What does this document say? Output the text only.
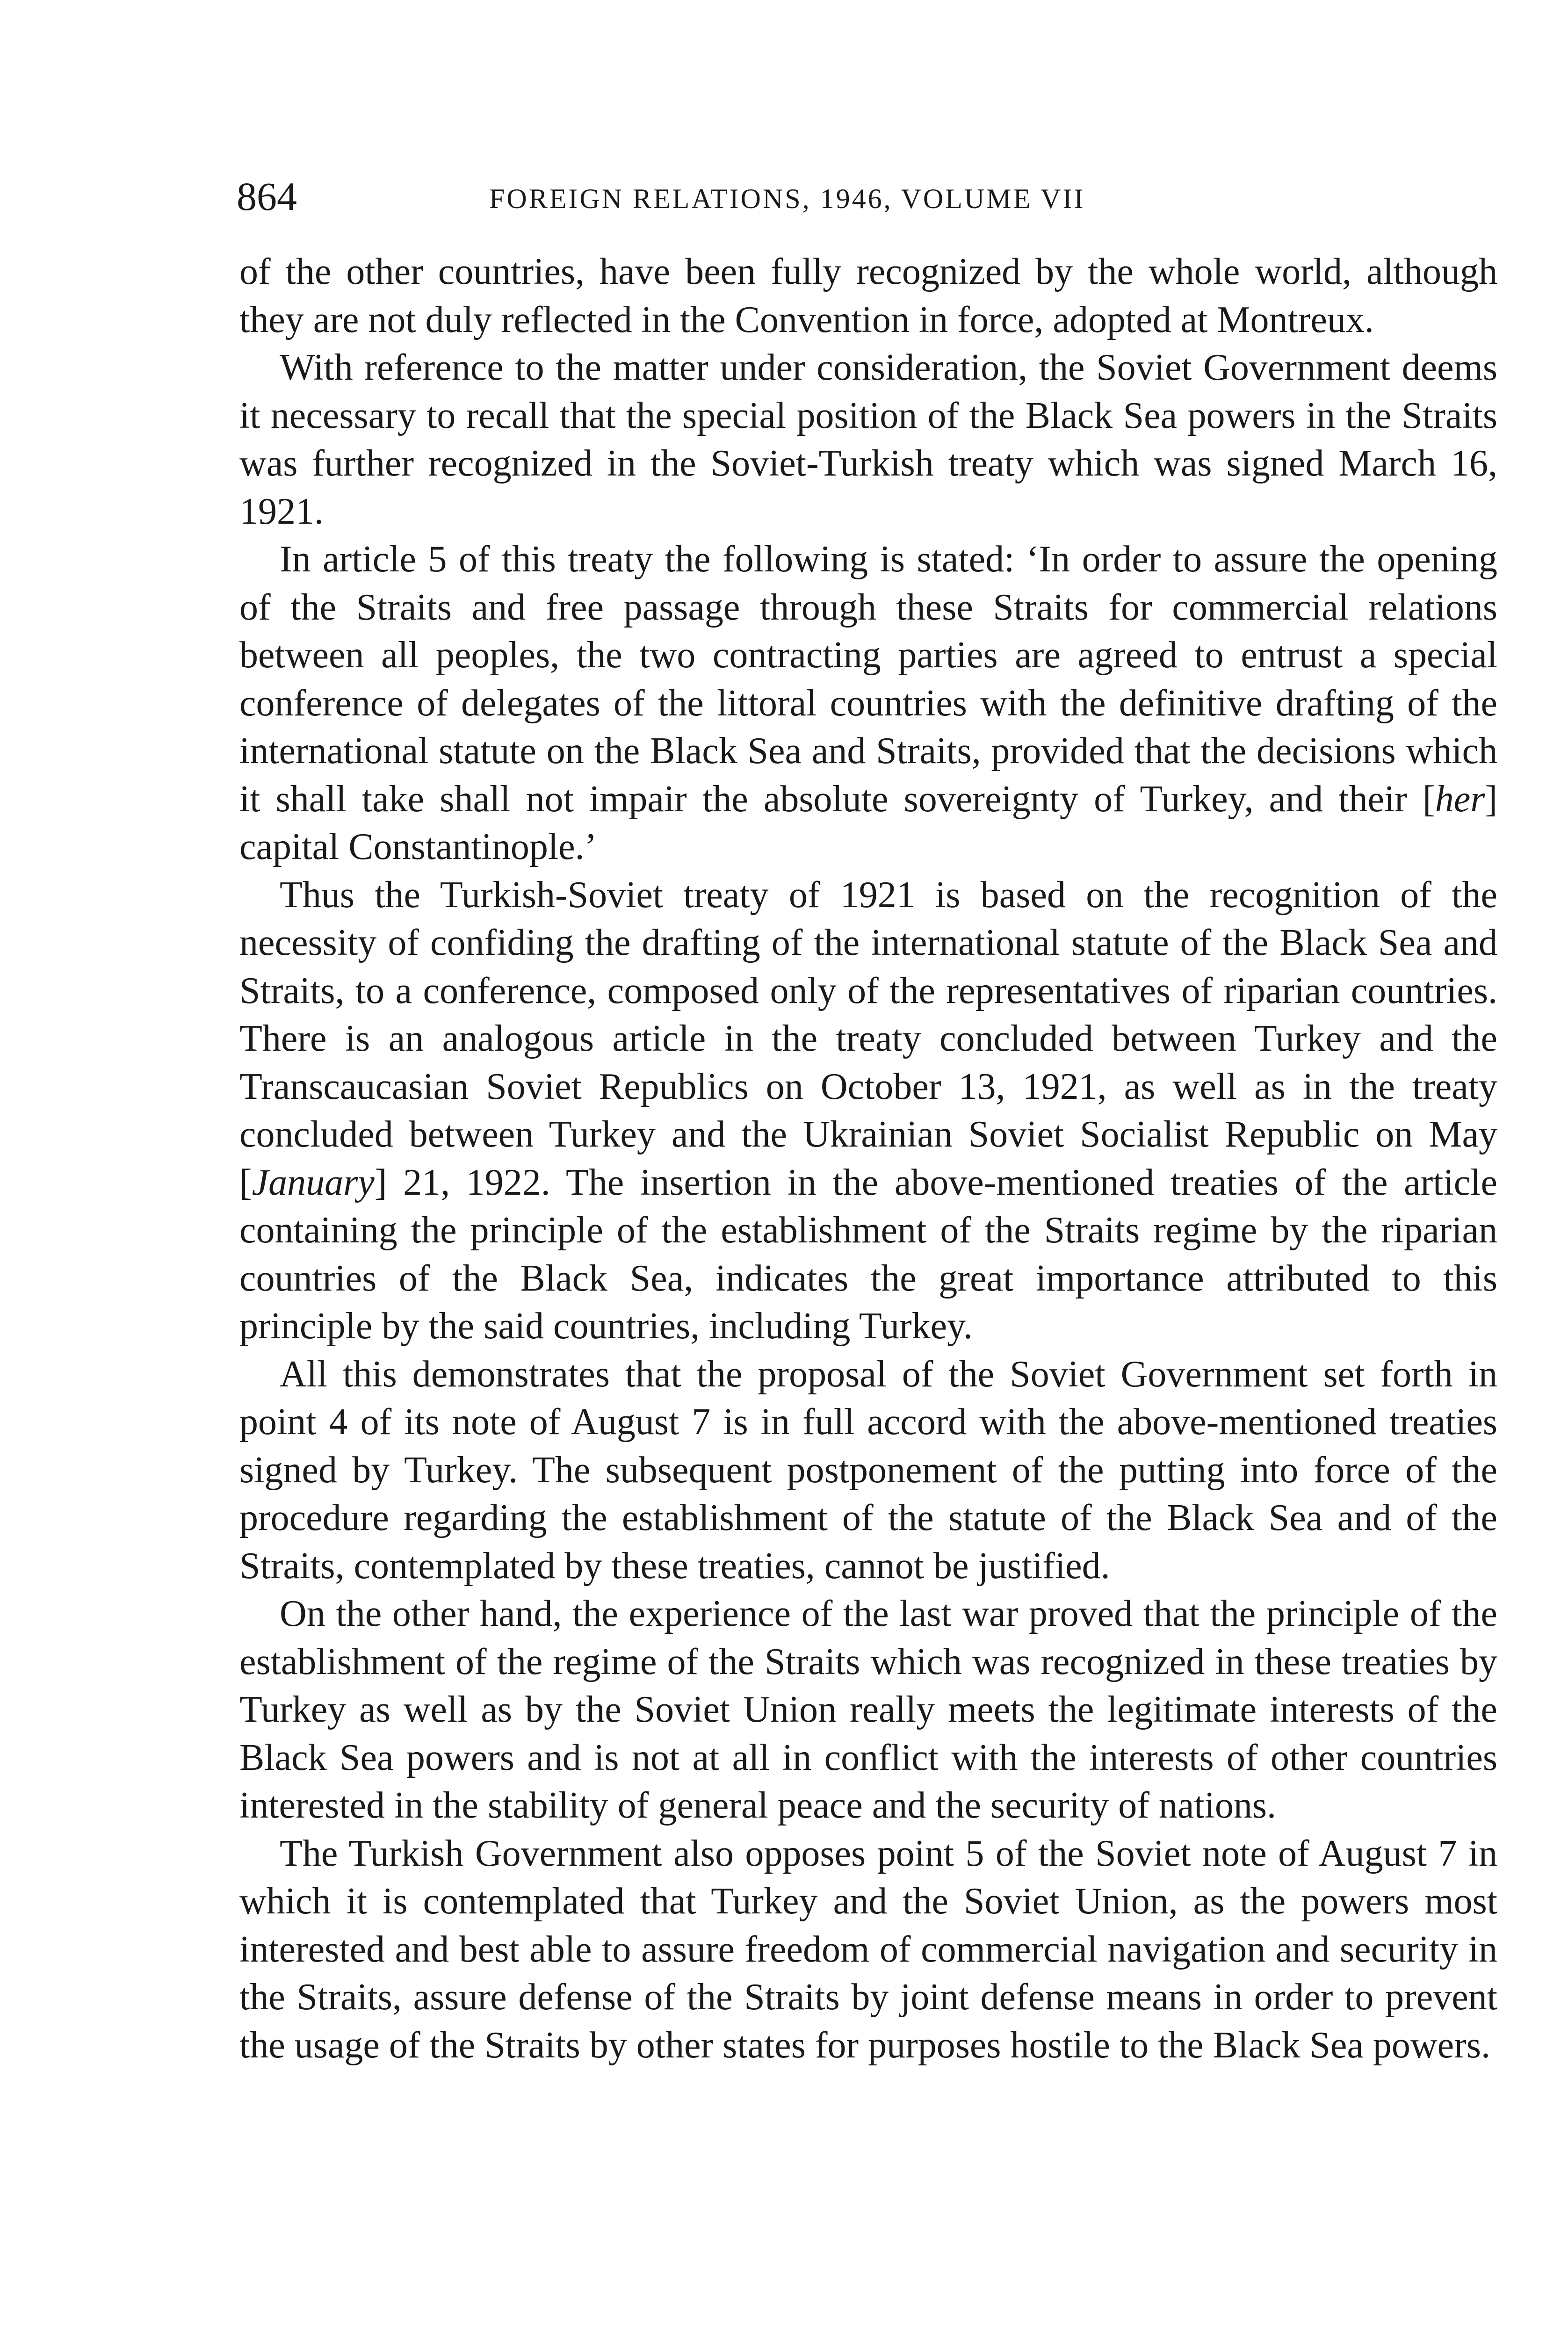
864	FOREIGN RELATIONS, 1946, VOLUME VII

of the other countries, have been fully recognized by the whole world, although they are not duly reflected in the Convention in force, adopted at Montreux.

With reference to the matter under consideration, the Soviet Government deems it necessary to recall that the special position of the Black Sea powers in the Straits was further recognized in the Soviet-Turkish treaty which was signed March 16, 1921.

In article 5 of this treaty the following is stated: ‘In order to assure the opening of the Straits and free passage through these Straits for commercial relations between all peoples, the two contracting parties are agreed to entrust a special conference of delegates of the littoral countries with the definitive drafting of the international statute on the Black Sea and Straits, provided that the decisions which it shall take shall not impair the absolute sovereignty of Turkey, and their [her] capital Constantinople.’

Thus the Turkish-Soviet treaty of 1921 is based on the recognition of the necessity of confiding the drafting of the international statute of the Black Sea and Straits, to a conference, composed only of the representatives of riparian countries. There is an analogous article in the treaty concluded between Turkey and the Transcaucasian Soviet Republics on October 13, 1921, as well as in the treaty concluded between Turkey and the Ukrainian Soviet Socialist Republic on May [January] 21, 1922. The insertion in the above-mentioned treaties of the article containing the principle of the establishment of the Straits regime by the riparian countries of the Black Sea, indicates the great importance attributed to this principle by the said countries, including Turkey.

All this demonstrates that the proposal of the Soviet Government set forth in point 4 of its note of August 7 is in full accord with the above-mentioned treaties signed by Turkey. The subsequent postponement of the putting into force of the procedure regarding the establishment of the statute of the Black Sea and of the Straits, contemplated by these treaties, cannot be justified.

On the other hand, the experience of the last war proved that the principle of the establishment of the regime of the Straits which was recognized in these treaties by Turkey as well as by the Soviet Union really meets the legitimate interests of the Black Sea powers and is not at all in conflict with the interests of other countries interested in the stability of general peace and the security of nations.

The Turkish Government also opposes point 5 of the Soviet note of August 7 in which it is contemplated that Turkey and the Soviet Union, as the powers most interested and best able to assure freedom of commercial navigation and security in the Straits, assure defense of the Straits by joint defense means in order to prevent the usage of the Straits by other states for purposes hostile to the Black Sea powers.
